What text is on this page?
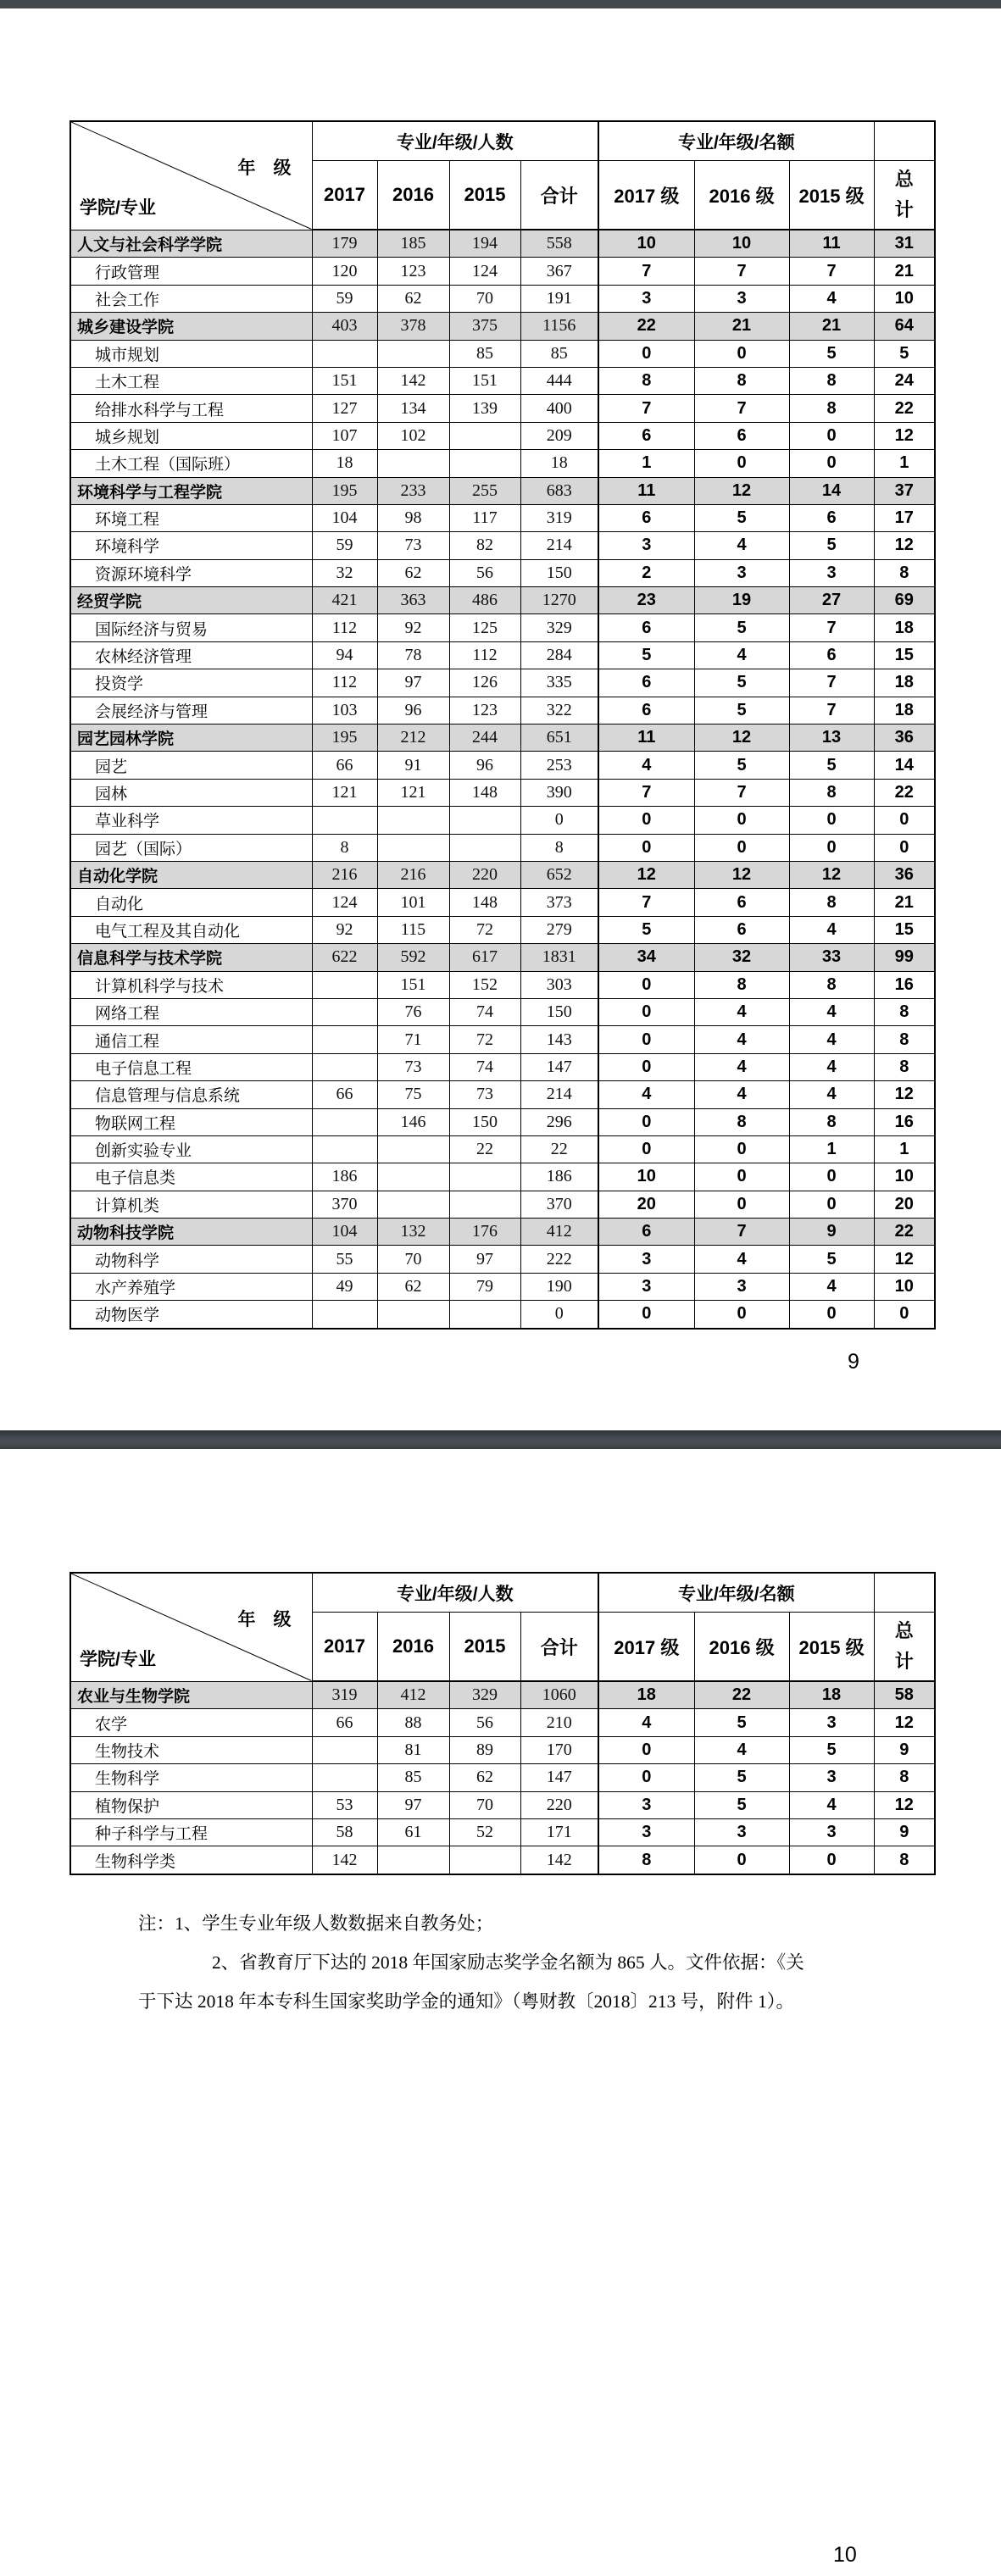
年　级
学院/专业	专业/年级/人数				专业/年级/名额			
	2017	2016	2015	合计	2017 级	2016 级	2015 级	总计
人文与社会科学学院	179	185	194	558	10	10	11	31
行政管理	120	123	124	367	7	7	7	21
社会工作	59	62	70	191	3	3	4	10
城乡建设学院	403	378	375	1156	22	21	21	64
城市规划			85	85	0	0	5	5
土木工程	151	142	151	444	8	8	8	24
给排水科学与工程	127	134	139	400	7	7	8	22
城乡规划	107	102		209	6	6	0	12
土木工程（国际班）	18			18	1	0	0	1
环境科学与工程学院	195	233	255	683	11	12	14	37
环境工程	104	98	117	319	6	5	6	17
环境科学	59	73	82	214	3	4	5	12
资源环境科学	32	62	56	150	2	3	3	8
经贸学院	421	363	486	1270	23	19	27	69
国际经济与贸易	112	92	125	329	6	5	7	18
农林经济管理	94	78	112	284	5	4	6	15
投资学	112	97	126	335	6	5	7	18
会展经济与管理	103	96	123	322	6	5	7	18
园艺园林学院	195	212	244	651	11	12	13	36
园艺	66	91	96	253	4	5	5	14
园林	121	121	148	390	7	7	8	22
草业科学				0	0	0	0	0
园艺（国际）	8			8	0	0	0	0
自动化学院	216	216	220	652	12	12	12	36
自动化	124	101	148	373	7	6	8	21
电气工程及其自动化	92	115	72	279	5	6	4	15
信息科学与技术学院	622	592	617	1831	34	32	33	99
计算机科学与技术		151	152	303	0	8	8	16
网络工程		76	74	150	0	4	4	8
通信工程		71	72	143	0	4	4	8
电子信息工程		73	74	147	0	4	4	8
信息管理与信息系统	66	75	73	214	4	4	4	12
物联网工程		146	150	296	0	8	8	16
创新实验专业			22	22	0	0	1	1
电子信息类	186			186	10	0	0	10
计算机类	370			370	20	0	0	20
动物科技学院	104	132	176	412	6	7	9	22
动物科学	55	70	97	222	3	4	5	12
水产养殖学	49	62	79	190	3	3	4	10
动物医学				0	0	0	0	0
9
年　级
学院/专业	专业/年级/人数				专业/年级/名额			
	2017	2016	2015	合计	2017 级	2016 级	2015 级	总计
农业与生物学院	319	412	329	1060	18	22	18	58
农学	66	88	56	210	4	5	3	12
生物技术		81	89	170	0	4	5	9
生物科学		85	62	147	0	5	3	8
植物保护	53	97	70	220	3	5	4	12
种子科学与工程	58	61	52	171	3	3	3	9
生物科学类	142			142	8	0	0	8

注：1、学生专业年级人数数据来自教务处；

2、省教育厅下达的 2018 年国家励志奖学金名额为 865 人。文件依据：《关

于下达 2018 年本专科生国家奖助学金的通知》（粤财教〔2018〕213 号，附件 1）。

10
